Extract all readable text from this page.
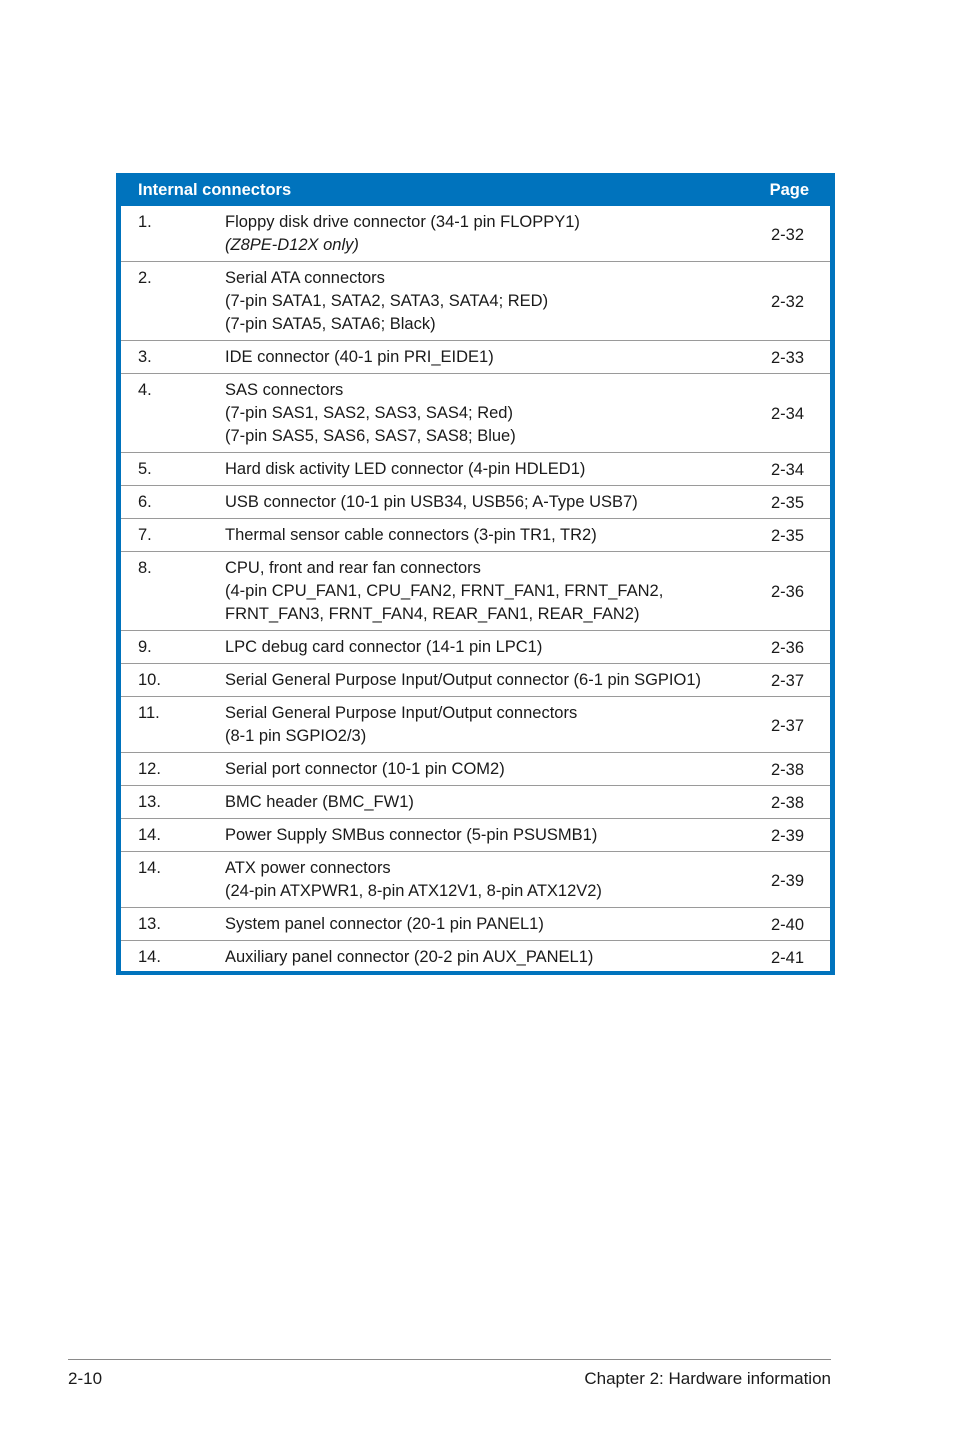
Internal connectors	Page
1.	Floppy disk drive connector (34-1 pin FLOPPY1)
(Z8PE-D12X only)
2-32
2.	Serial ATA connectors
(7-pin SATA1, SATA2, SATA3, SATA4; RED)
(7-pin SATA5, SATA6; Black)
2-32
3.	IDE connector (40-1 pin PRI_EIDE1)	2-33
4.	SAS connectors
(7-pin SAS1, SAS2, SAS3, SAS4; Red)
(7-pin SAS5, SAS6, SAS7, SAS8; Blue)
2-34
5.	Hard disk activity LED connector (4-pin HDLED1)	2-34
6.	USB connector (10-1 pin USB34, USB56; A-Type USB7)	2-35
7.	Thermal sensor cable connectors (3-pin TR1, TR2)	2-35
8.	CPU, front and rear fan connectors
(4-pin CPU_FAN1, CPU_FAN2, FRNT_FAN1, FRNT_FAN2,
FRNT_FAN3, FRNT_FAN4, REAR_FAN1, REAR_FAN2)
2-36
9.	LPC debug card connector (14-1 pin LPC1)	2-36
10.	Serial General Purpose Input/Output connector (6-1 pin SGPIO1)	2-37
11.	Serial General Purpose Input/Output connectors
(8-1 pin SGPIO2/3)
2-37
12.	Serial port connector (10-1 pin COM2)	2-38
13.	BMC header (BMC_FW1)	2-38
14.	Power Supply SMBus connector (5-pin PSUSMB1)	2-39
14.	ATX power connectors
(24-pin ATXPWR1, 8-pin ATX12V1, 8-pin ATX12V2)
2-39
13.	System panel connector (20-1 pin PANEL1)	2-40
14.	Auxiliary panel connector (20-2 pin AUX_PANEL1)	2-41
2-10	Chapter 2: Hardware information
